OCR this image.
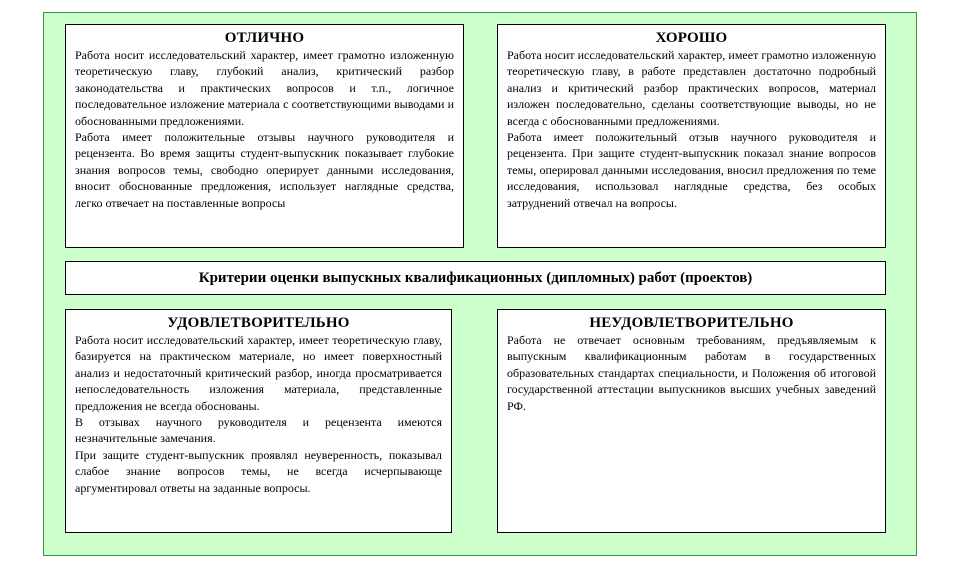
ОТЛИЧНО

Работа носит исследовательский характер, имеет грамотно изложенную теоретическую главу, глубокий анализ, критический разбор законодательства и практических вопросов и т.п., логичное последовательное изложение материала с соответствующими выводами и обоснованными предложениями.

Работа имеет положительные отзывы научного руководителя и рецензента. Во время защиты студент-выпускник показывает глубокие знания вопросов темы, свободно оперирует данными исследования, вносит обоснованные предложения, использует наглядные средства, легко отвечает на поставленные вопросы

ХОРОШО

Работа носит исследовательский характер, имеет грамотно изложенную теоретическую главу, в работе представлен достаточно подробный анализ и критический разбор практических вопросов, материал изложен последовательно, сделаны соответствующие выводы, но не всегда с обоснованными предложениями.

Работа имеет положительный отзыв научного руководителя и рецензента. При защите студент-выпускник показал знание вопросов темы, оперировал данными исследования, вносил предложения по теме исследования, использовал наглядные средства, без особых затруднений отвечал на вопросы.

Критерии оценки выпускных квалификационных (дипломных) работ (проектов)
УДОВЛЕТВОРИТЕЛЬНО

Работа носит исследовательский характер, имеет теоретическую главу, базируется на практическом материале, но имеет поверхностный анализ и недостаточный критический разбор, иногда просматривается непоследовательность изложения материала, представленные предложения не всегда обоснованы.

В отзывах научного руководителя и рецензента имеются незначительные замечания.

При защите студент-выпускник проявлял неуверенность, показывал слабое знание вопросов темы, не всегда исчерпывающе аргументировал ответы на заданные вопросы.

НЕУДОВЛЕТВОРИТЕЛЬНО

Работа не отвечает основным требованиям, предъявляемым к выпускным квалификационным работам в государственных образовательных стандартах специальности, и Положения об итоговой государственной аттестации выпускников высших учебных заведений РФ.
